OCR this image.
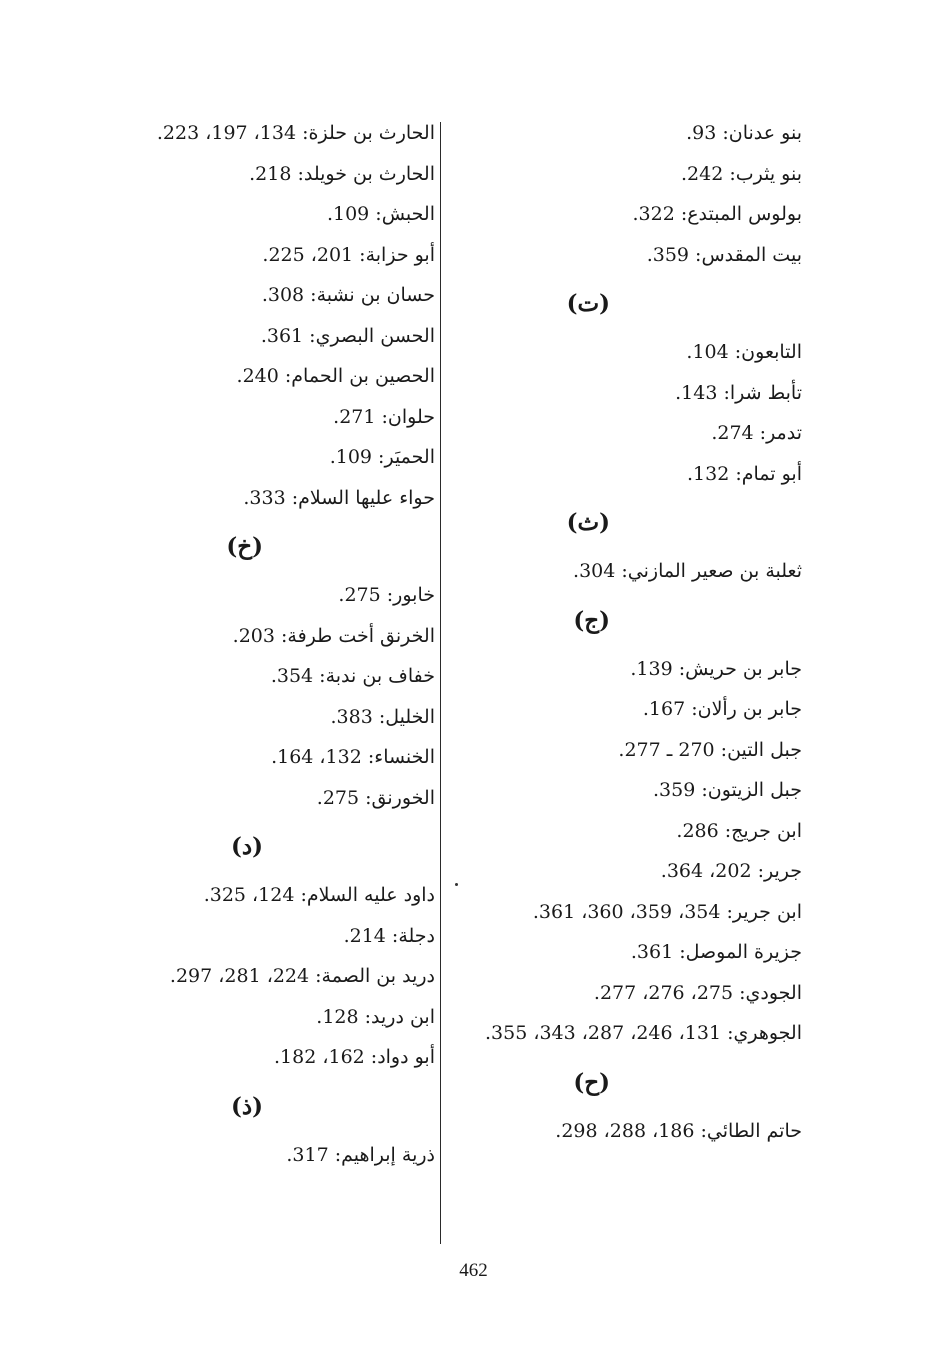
بنو عدنان: 93.
بنو يثرب: 242.
بولوس المبتدع: 322.
بيت المقدس: 359.
(ت)
التابعون: 104.
تأبط شرا: 143.
تدمر: 274.
أبو تمام: 132.
(ث)
ثعلبة بن صعير المازني: 304.
(ج)
جابر بن حريش: 139.
جابر بن رألان: 167.
جبل التين: 270 ـ 277.
جبل الزيتون: 359.
ابن جريج: 286.
جرير: 202، 364.
ابن جرير: 354، 359، 360، 361.
جزيرة الموصل: 361.
الجودي: 275، 276، 277.
الجوهري: 131، 246، 287، 343، 355.
(ح)
حاتم الطائي: 186، 288، 298.
الحارث بن حلزة: 134، 197، 223.
الحارث بن خويلد: 218.
الحبش: 109.
أبو حزابة: 201، 225.
حسان بن نشبة: 308.
الحسن البصري: 361.
الحصين بن الحمام: 240.
حلوان: 271.
الحميَر: 109.
حواء عليها السلام: 333.
(خ)
خابور: 275.
الخرنق أخت طرفة: 203.
خفاف بن ندبة: 354.
الخليل: 383.
الخنساء: 132، 164.
الخورنق: 275.
(د)
داود عليه السلام: 124، 325.
دجلة: 214.
دريد بن الصمة: 224، 281، 297.
ابن دريد: 128.
أبو دواد: 162، 182.
(ذ)
ذرية إبراهيم: 317.
462
